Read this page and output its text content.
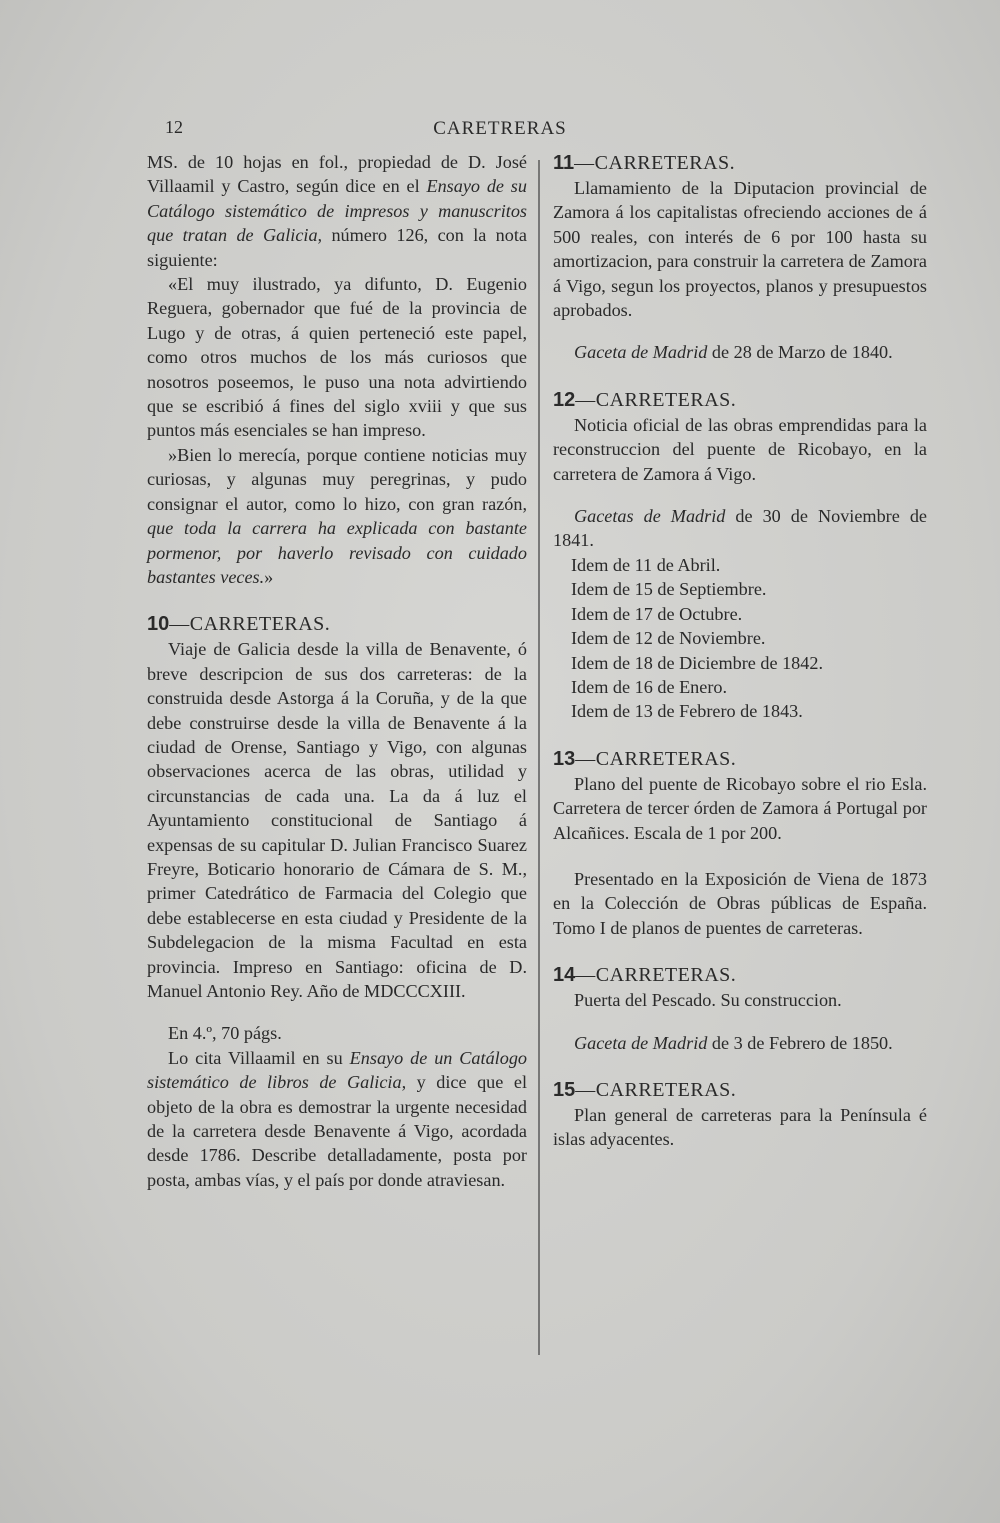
12	CARETRERAS

MS. de 10 hojas en fol., propiedad de D. José Villaamil y Castro, según dice en el Ensayo de su Catálogo sistemático de impresos y manuscritos que tratan de Galicia, número 126, con la nota siguiente:

«El muy ilustrado, ya difunto, D. Eugenio Reguera, gobernador que fué de la provincia de Lugo y de otras, á quien perteneció este papel, como otros muchos de los más curiosos que nosotros poseemos, le puso una nota advirtiendo que se escribió á fines del siglo xviii y que sus puntos más esenciales se han impreso.

»Bien lo merecía, porque contiene noticias muy curiosas, y algunas muy peregrinas, y pudo consignar el autor, como lo hizo, con gran razón, que toda la carrera ha explicada con bastante pormenor, por haverlo revisado con cuidado bastantes veces.»

10—CARRETERAS.

Viaje de Galicia desde la villa de Benavente, ó breve descripcion de sus dos carreteras: de la construida desde Astorga á la Coruña, y de la que debe construirse desde la villa de Benavente á la ciudad de Orense, Santiago y Vigo, con algunas observaciones acerca de las obras, utilidad y circunstancias de cada una. La da á luz el Ayuntamiento constitucional de Santiago á expensas de su capitular D. Julian Francisco Suarez Freyre, Boticario honorario de Cámara de S. M., primer Catedrático de Farmacia del Colegio que debe establecerse en esta ciudad y Presidente de la Subdelegacion de la misma Facultad en esta provincia. Impreso en Santiago: oficina de D. Manuel Antonio Rey. Año de MDCCCXIII.

En 4.º, 70 págs.

Lo cita Villaamil en su Ensayo de un Catálogo sistemático de libros de Galicia, y dice que el objeto de la obra es demostrar la urgente necesidad de la carretera desde Benavente á Vigo, acordada desde 1786. Describe detalladamente, posta por posta, ambas vías, y el país por donde atraviesan.

11—CARRETERAS.

Llamamiento de la Diputacion provincial de Zamora á los capitalistas ofreciendo acciones de á 500 reales, con interés de 6 por 100 hasta su amortizacion, para construir la carretera de Zamora á Vigo, segun los proyectos, planos y presupuestos aprobados.

Gaceta de Madrid de 28 de Marzo de 1840.

12—CARRETERAS.

Noticia oficial de las obras emprendidas para la reconstruccion del puente de Ricobayo, en la carretera de Zamora á Vigo.

Gacetas de Madrid de 30 de Noviembre de 1841.

Idem de 11 de Abril.

Idem de 15 de Septiembre.

Idem de 17 de Octubre.

Idem de 12 de Noviembre.

Idem de 18 de Diciembre de 1842.

Idem de 16 de Enero.

Idem de 13 de Febrero de 1843.

13—CARRETERAS.

Plano del puente de Ricobayo sobre el rio Esla. Carretera de tercer órden de Zamora á Portugal por Alcañices. Escala de 1 por 200.

Presentado en la Exposición de Viena de 1873 en la Colección de Obras públicas de España. Tomo I de planos de puentes de carreteras.

14—CARRETERAS.

Puerta del Pescado. Su construccion.

Gaceta de Madrid de 3 de Febrero de 1850.

15—CARRETERAS.

Plan general de carreteras para la Península é islas adyacentes.
